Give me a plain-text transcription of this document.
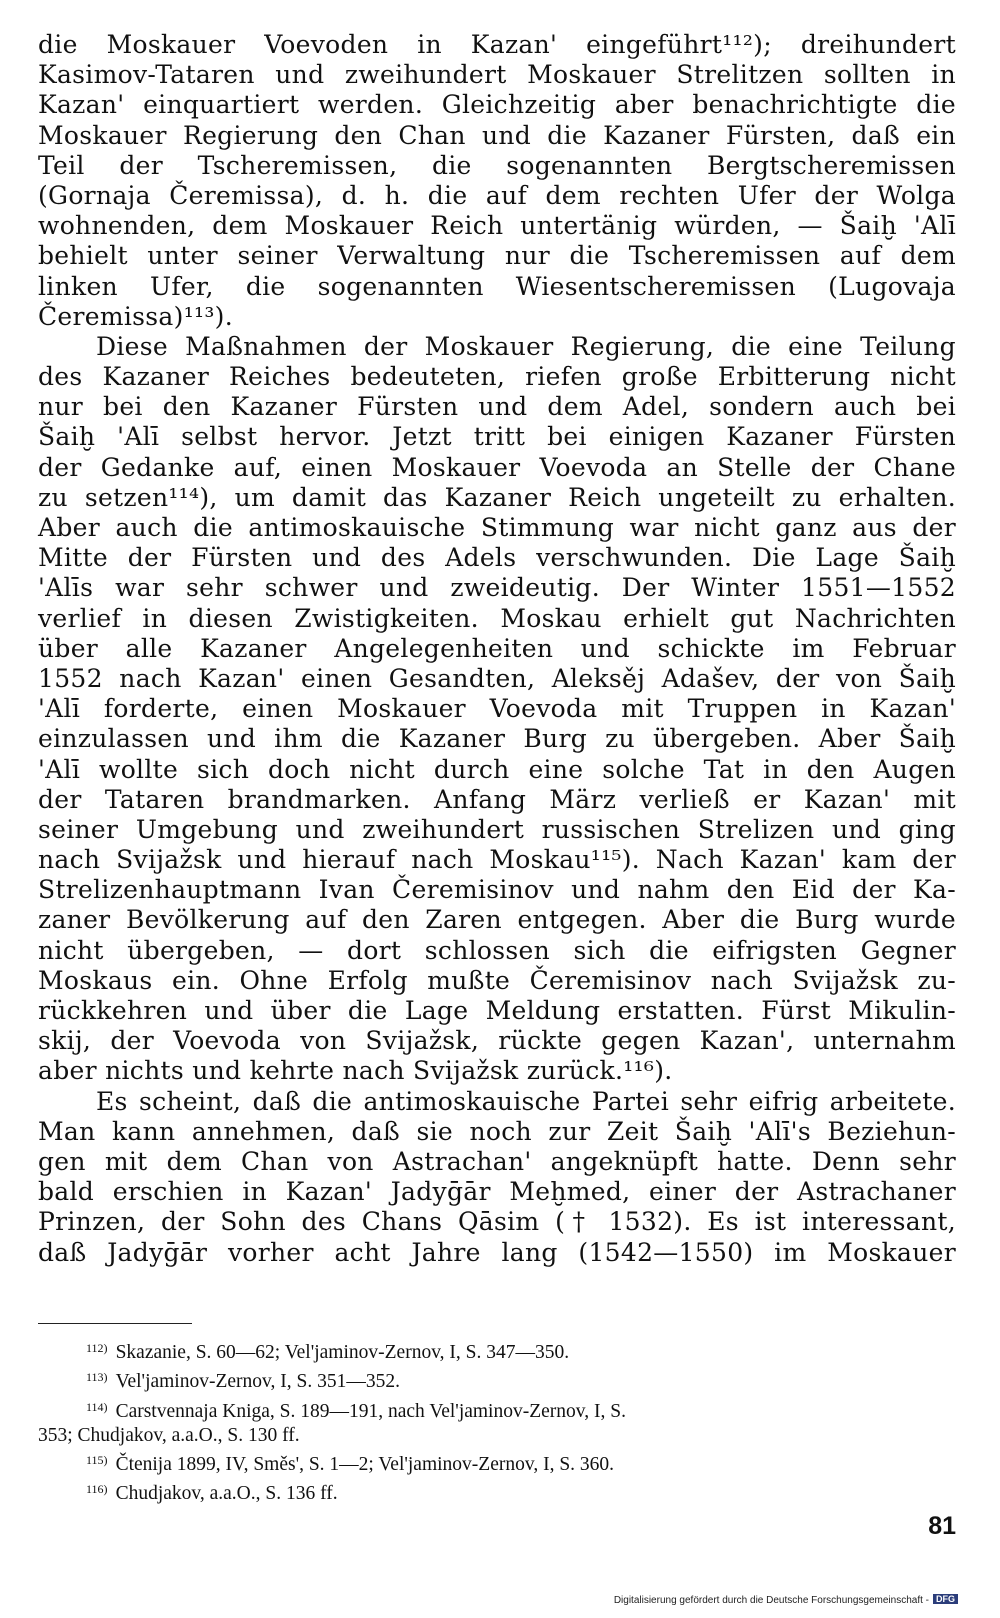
die Moskauer Voevoden in Kazan' eingeführt¹¹²); dreihundert
Kasimov-Tataren und zweihundert Moskauer Strelitzen sollten in
Kazan' einquartiert werden. Gleichzeitig aber benachrichtigte die
Moskauer Regierung den Chan und die Kazaner Fürsten, daß ein
Teil der Tscheremissen, die sogenannten Bergtscheremissen
(Gornaja Čeremissa), d. h. die auf dem rechten Ufer der Wolga
wohnenden, dem Moskauer Reich untertänig würden, — Šaiḫ 'Alī
behielt unter seiner Verwaltung nur die Tscheremissen auf dem
linken Ufer, die sogenannten Wiesentscheremissen (Lugovaja
Čeremissa)¹¹³).
Diese Maßnahmen der Moskauer Regierung, die eine Teilung
des Kazaner Reiches bedeuteten, riefen große Erbitterung nicht
nur bei den Kazaner Fürsten und dem Adel, sondern auch bei
Šaiḫ 'Alī selbst hervor. Jetzt tritt bei einigen Kazaner Fürsten
der Gedanke auf, einen Moskauer Voevoda an Stelle der Chane
zu setzen¹¹⁴), um damit das Kazaner Reich ungeteilt zu erhalten.
Aber auch die antimoskauische Stimmung war nicht ganz aus der
Mitte der Fürsten und des Adels verschwunden. Die Lage Šaiḫ
'Alīs war sehr schwer und zweideutig. Der Winter 1551—1552
verlief in diesen Zwistigkeiten. Moskau erhielt gut Nachrichten
über alle Kazaner Angelegenheiten und schickte im Februar
1552 nach Kazan' einen Gesandten, Aleksěj Adašev, der von Šaiḫ
'Alī forderte, einen Moskauer Voevoda mit Truppen in Kazan'
einzulassen und ihm die Kazaner Burg zu übergeben. Aber Šaiḫ
'Alī wollte sich doch nicht durch eine solche Tat in den Augen
der Tataren brandmarken. Anfang März verließ er Kazan' mit
seiner Umgebung und zweihundert russischen Strelizen und ging
nach Svijažsk und hierauf nach Moskau¹¹⁵). Nach Kazan' kam der
Strelizenhauptmann Ivan Čeremisinov und nahm den Eid der Ka-
zaner Bevölkerung auf den Zaren entgegen. Aber die Burg wurde
nicht übergeben, — dort schlossen sich die eifrigsten Gegner
Moskaus ein. Ohne Erfolg mußte Čeremisinov nach Svijažsk zu-
rückkehren und über die Lage Meldung erstatten. Fürst Mikulin-
skij, der Voevoda von Svijažsk, rückte gegen Kazan', unternahm
aber nichts und kehrte nach Svijažsk zurück.¹¹⁶).
Es scheint, daß die antimoskauische Partei sehr eifrig arbeitete.
Man kann annehmen, daß sie noch zur Zeit Šaiḫ 'Alī's Beziehun-
gen mit dem Chan von Astrachan' angeknüpft hatte. Denn sehr
bald erschien in Kazan' Jadyḡār Meḫmed, einer der Astrachaner
Prinzen, der Sohn des Chans Qāsim († 1532). Es ist interessant,
daß Jadyḡār vorher acht Jahre lang (1542—1550) im Moskauer
$^{112)}$ Skazanie, S. 60—62; Vel'jaminov-Zernov, I, S. 347—350.
$^{113)}$ Vel'jaminov-Zernov, I, S. 351—352.
$^{114)}$ Carstvennaja Kniga, S. 189—191, nach Vel'jaminov-Zernov, I, S.
353; Chudjakov, a.a.O., S. 130 ff.
$^{115)}$ Čtenija 1899, IV, Směs', S. 1—2; Vel'jaminov-Zernov, I, S. 360.
$^{116)}$ Chudjakov, a.a.O., S. 136 ff.
81
Digitalisierung gefördert durch die Deutsche Forschungsgemeinschaft - DFG
